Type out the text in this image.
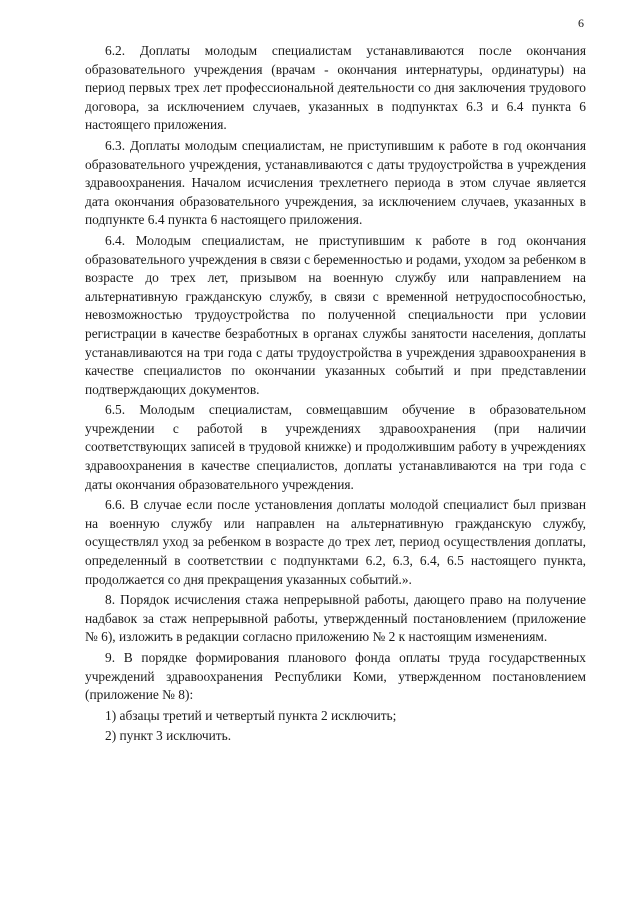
6

6.2. Доплаты молодым специалистам устанавливаются после окончания образовательного учреждения (врачам - окончания интернатуры, ординатуры) на период первых трех лет профессиональной деятельности со дня заключения трудового договора, за исключением случаев, указанных в подпунктах 6.3 и 6.4 пункта 6 настоящего приложения.

6.3. Доплаты молодым специалистам, не приступившим к работе в год окончания образовательного учреждения, устанавливаются с даты трудоустройства в учреждения здравоохранения. Началом исчисления трехлетнего периода в этом случае является дата окончания образовательного учреждения, за исключением случаев, указанных в подпункте 6.4 пункта 6 настоящего приложения.

6.4. Молодым специалистам, не приступившим к работе в год окончания образовательного учреждения в связи с беременностью и родами, уходом за ребенком в возрасте до трех лет, призывом на военную службу или направлением на альтернативную гражданскую службу, в связи с временной нетрудоспособностью, невозможностью трудоустройства по полученной специальности при условии регистрации в качестве безработных в органах службы занятости населения, доплаты устанавливаются на три года с даты трудоустройства в учреждения здравоохранения в качестве специалистов по окончании указанных событий и при представлении подтверждающих документов.

6.5. Молодым специалистам, совмещавшим обучение в образовательном учреждении с работой в учреждениях здравоохранения (при наличии соответствующих записей в трудовой книжке) и продолжившим работу в учреждениях здравоохранения в качестве специалистов, доплаты устанавливаются на три года с даты окончания образовательного учреждения.

6.6. В случае если после установления доплаты молодой специалист был призван на военную службу или направлен на альтернативную гражданскую службу, осуществлял уход за ребенком в возрасте до трех лет, период осуществления доплаты, определенный в соответствии с подпунктами 6.2, 6.3, 6.4, 6.5 настоящего пункта, продолжается со дня прекращения указанных событий.».

8. Порядок исчисления стажа непрерывной работы, дающего право на получение надбавок за стаж непрерывной работы, утвержденный постановлением (приложение № 6), изложить в редакции согласно приложению № 2 к настоящим изменениям.

9. В порядке формирования планового фонда оплаты труда государственных учреждений здравоохранения Республики Коми, утвержденном постановлением (приложение № 8):

1) абзацы третий и четвертый пункта 2 исключить;

2) пункт 3 исключить.
